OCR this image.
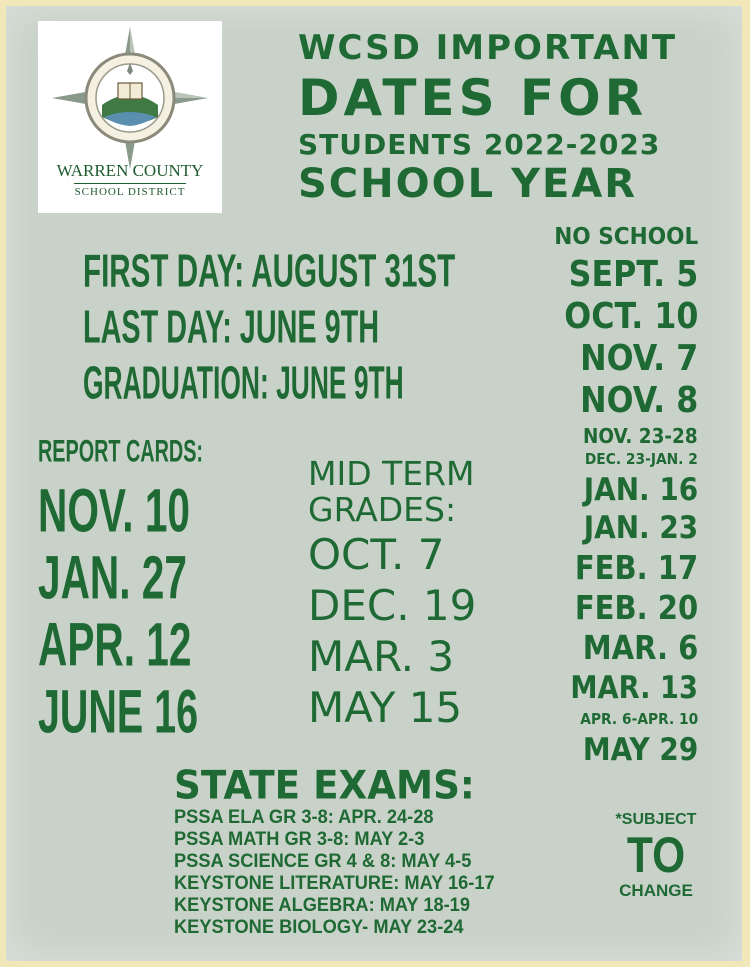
WARREN COUNTY
SCHOOL DISTRICT
WCSD IMPORTANT
DATES FOR
STUDENTS 2022-2023
SCHOOL YEAR
FIRST DAY: AUGUST 31ST
LAST DAY: JUNE 9TH
GRADUATION: JUNE 9TH
REPORT CARDS:
NOV. 10
JAN. 27
APR. 12
JUNE 16
MID TERM
GRADES:
OCT. 7
DEC. 19
MAR. 3
MAY 15
NO SCHOOL
SEPT. 5
OCT. 10
NOV. 7
NOV. 8
NOV. 23-28
DEC. 23-JAN. 2
JAN. 16
JAN. 23
FEB. 17
FEB. 20
MAR. 6
MAR. 13
APR. 6-APR. 10
MAY 29
STATE EXAMS:
PSSA ELA GR 3-8: APR. 24-28
PSSA MATH GR 3-8: MAY 2-3
PSSA SCIENCE GR 4 & 8: MAY 4-5
KEYSTONE LITERATURE: MAY 16-17
KEYSTONE ALGEBRA: MAY 18-19
KEYSTONE BIOLOGY- MAY 23-24
*SUBJECT
TO
CHANGE
